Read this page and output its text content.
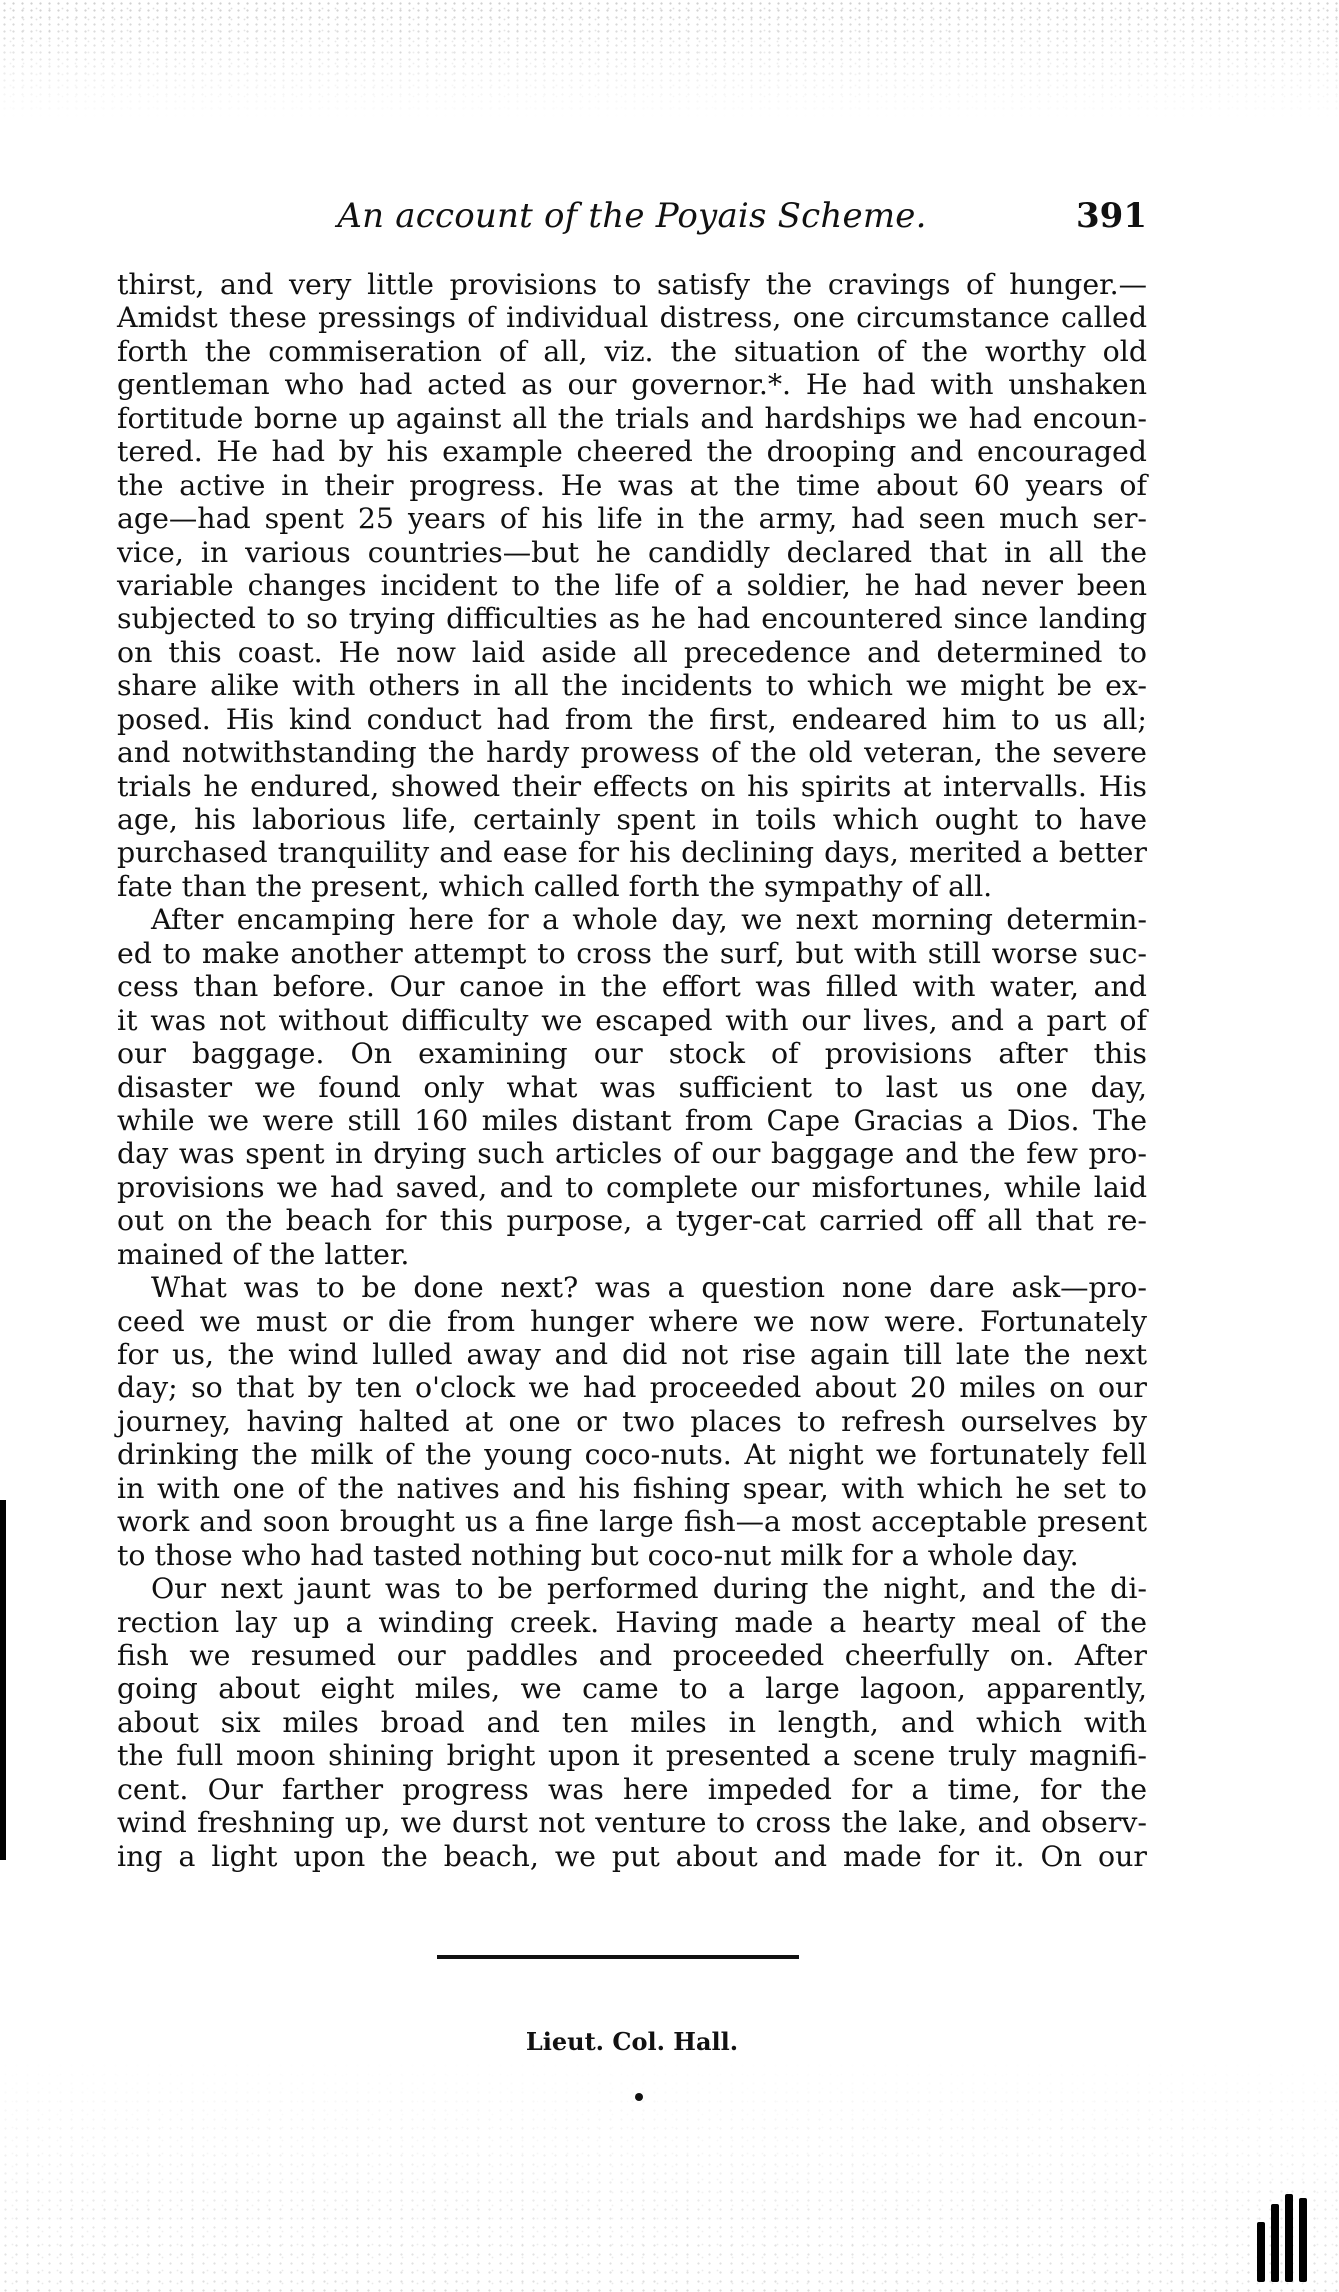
An account of the Poyais Scheme.	391
thirst, and very little provisions to satisfy the cravings of hunger.—
Amidst these pressings of individual distress, one circumstance called
forth the commiseration of all, viz. the situation of the worthy old
gentleman who had acted as our governor.*. He had with unshaken
fortitude borne up against all the trials and hardships we had encoun-
tered. He had by his example cheered the drooping and encouraged
the active in their progress. He was at the time about 60 years of
age—had spent 25 years of his life in the army, had seen much ser-
vice, in various countries—but he candidly declared that in all the
variable changes incident to the life of a soldier, he had never been
subjected to so trying difficulties as he had encountered since landing
on this coast. He now laid aside all precedence and determined to
share alike with others in all the incidents to which we might be ex-
posed. His kind conduct had from the first, endeared him to us all;
and notwithstanding the hardy prowess of the old veteran, the severe
trials he endured, showed their effects on his spirits at intervalls. His
age, his laborious life, certainly spent in toils which ought to have
purchased tranquility and ease for his declining days, merited a better
fate than the present, which called forth the sympathy of all.
After encamping here for a whole day, we next morning determin-
ed to make another attempt to cross the surf, but with still worse suc-
cess than before. Our canoe in the effort was filled with water, and
it was not without difficulty we escaped with our lives, and a part of
our baggage. On examining our stock of provisions after this
disaster we found only what was sufficient to last us one day,
while we were still 160 miles distant from Cape Gracias a Dios. The
day was spent in drying such articles of our baggage and the few pro-
provisions we had saved, and to complete our misfortunes, while laid
out on the beach for this purpose, a tyger-cat carried off all that re-
mained of the latter.
What was to be done next? was a question none dare ask—pro-
ceed we must or die from hunger where we now were. Fortunately
for us, the wind lulled away and did not rise again till late the next
day; so that by ten o'clock we had proceeded about 20 miles on our
journey, having halted at one or two places to refresh ourselves by
drinking the milk of the young coco-nuts. At night we fortunately fell
in with one of the natives and his fishing spear, with which he set to
work and soon brought us a fine large fish—a most acceptable present
to those who had tasted nothing but coco-nut milk for a whole day.
Our next jaunt was to be performed during the night, and the di-
rection lay up a winding creek. Having made a hearty meal of the
fish we resumed our paddles and proceeded cheerfully on. After
going about eight miles, we came to a large lagoon, apparently,
about six miles broad and ten miles in length, and which with
the full moon shining bright upon it presented a scene truly magnifi-
cent. Our farther progress was here impeded for a time, for the
wind freshning up, we durst not venture to cross the lake, and observ-
ing a light upon the beach, we put about and made for it. On our
Lieut. Col. Hall.
